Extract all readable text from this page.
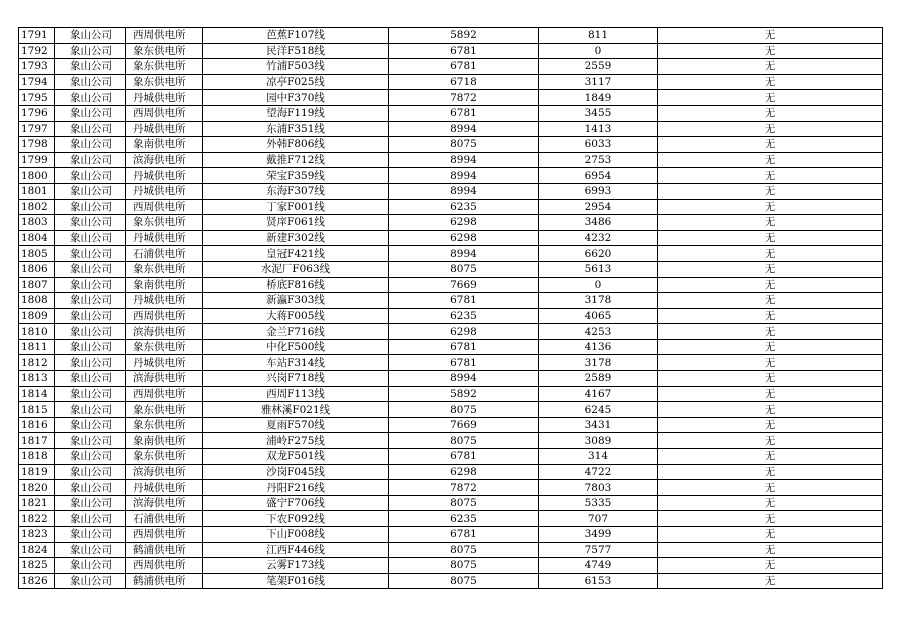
1791	象山公司	西周供电所	芭蕉F107线	5892	811	无
1792	象山公司	象东供电所	民洋F518线	6781	0	无
1793	象山公司	象东供电所	竹浦F503线	6781	2559	无
1794	象山公司	象东供电所	凉亭F025线	6718	3117	无
1795	象山公司	丹城供电所	园中F370线	7872	1849	无
1796	象山公司	西周供电所	望海F119线	6781	3455	无
1797	象山公司	丹城供电所	东浦F351线	8994	1413	无
1798	象山公司	象南供电所	外韩F806线	8075	6033	无
1799	象山公司	滨海供电所	戴推F712线	8994	2753	无
1800	象山公司	丹城供电所	荣宝F359线	8994	6954	无
1801	象山公司	丹城供电所	东海F307线	8994	6993	无
1802	象山公司	西周供电所	丁家F001线	6235	2954	无
1803	象山公司	象东供电所	贤庠F061线	6298	3486	无
1804	象山公司	丹城供电所	新建F302线	6298	4232	无
1805	象山公司	石浦供电所	皇冠F421线	8994	6620	无
1806	象山公司	象东供电所	水泥厂F063线	8075	5613	无
1807	象山公司	象南供电所	桥底F816线	7669	0	无
1808	象山公司	丹城供电所	新瀛F303线	6781	3178	无
1809	象山公司	西周供电所	大蒋F005线	6235	4065	无
1810	象山公司	滨海供电所	金兰F716线	6298	4253	无
1811	象山公司	象东供电所	中化F500线	6781	4136	无
1812	象山公司	丹城供电所	车站F314线	6781	3178	无
1813	象山公司	滨海供电所	兴岗F718线	8994	2589	无
1814	象山公司	西周供电所	西周F113线	5892	4167	无
1815	象山公司	象东供电所	雅林溪F021线	8075	6245	无
1816	象山公司	象东供电所	夏雨F570线	7669	3431	无
1817	象山公司	象南供电所	浦岭F275线	8075	3089	无
1818	象山公司	象东供电所	双龙F501线	6781	314	无
1819	象山公司	滨海供电所	沙岗F045线	6298	4722	无
1820	象山公司	丹城供电所	丹阳F216线	7872	7803	无
1821	象山公司	滨海供电所	盛宁F706线	8075	5335	无
1822	象山公司	石浦供电所	下农F092线	6235	707	无
1823	象山公司	西周供电所	下山F008线	6781	3499	无
1824	象山公司	鹤浦供电所	江西F446线	8075	7577	无
1825	象山公司	西周供电所	云雾F173线	8075	4749	无
1826	象山公司	鹤浦供电所	笔架F016线	8075	6153	无
